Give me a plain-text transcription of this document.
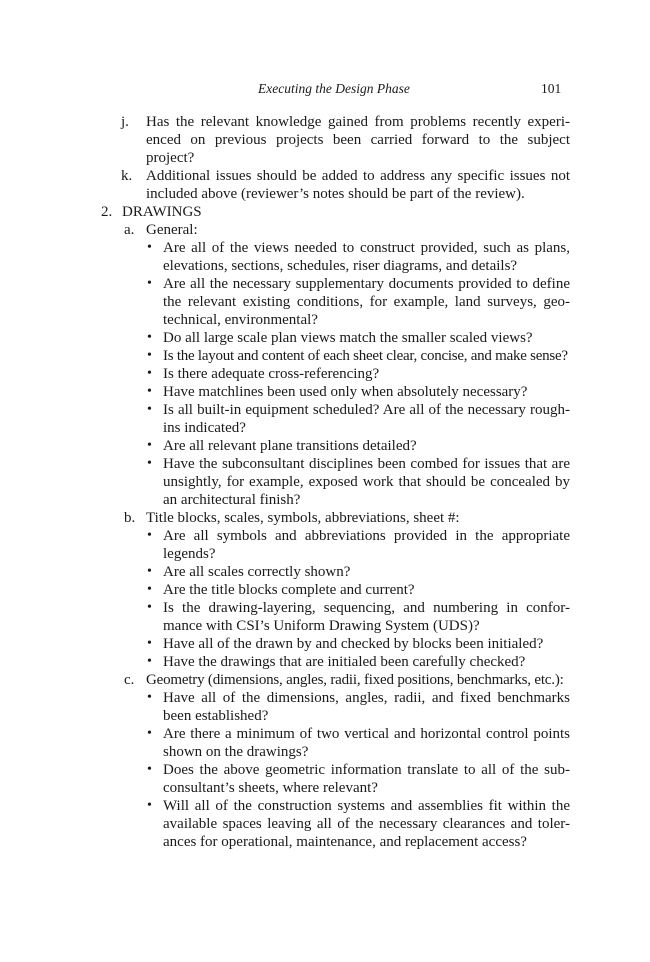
Executing the Design Phase	101
j. Has the relevant knowledge gained from problems recently experi-enced on previous projects been carried forward to the subject project?
k. Additional issues should be added to address any specific issues not included above (reviewer’s notes should be part of the review).
2. DRAWINGS
a. General:
• Are all of the views needed to construct provided, such as plans, elevations, sections, schedules, riser diagrams, and details?
• Are all the necessary supplementary documents provided to define the relevant existing conditions, for example, land surveys, geo-technical, environmental?
• Do all large scale plan views match the smaller scaled views?
• Is the layout and content of each sheet clear, concise, and make sense?
• Is there adequate cross-referencing?
• Have matchlines been used only when absolutely necessary?
• Is all built-in equipment scheduled? Are all of the necessary rough-ins indicated?
• Are all relevant plane transitions detailed?
• Have the subconsultant disciplines been combed for issues that are unsightly, for example, exposed work that should be concealed by an architectural finish?
b. Title blocks, scales, symbols, abbreviations, sheet #:
• Are all symbols and abbreviations provided in the appropriate legends?
• Are all scales correctly shown?
• Are the title blocks complete and current?
• Is the drawing-layering, sequencing, and numbering in confor-mance with CSI’s Uniform Drawing System (UDS)?
• Have all of the drawn by and checked by blocks been initialed?
• Have the drawings that are initialed been carefully checked?
c. Geometry (dimensions, angles, radii, fixed positions, benchmarks, etc.):
• Have all of the dimensions, angles, radii, and fixed benchmarks been established?
• Are there a minimum of two vertical and horizontal control points shown on the drawings?
• Does the above geometric information translate to all of the sub-consultant’s sheets, where relevant?
• Will all of the construction systems and assemblies fit within the available spaces leaving all of the necessary clearances and toler-ances for operational, maintenance, and replacement access?
